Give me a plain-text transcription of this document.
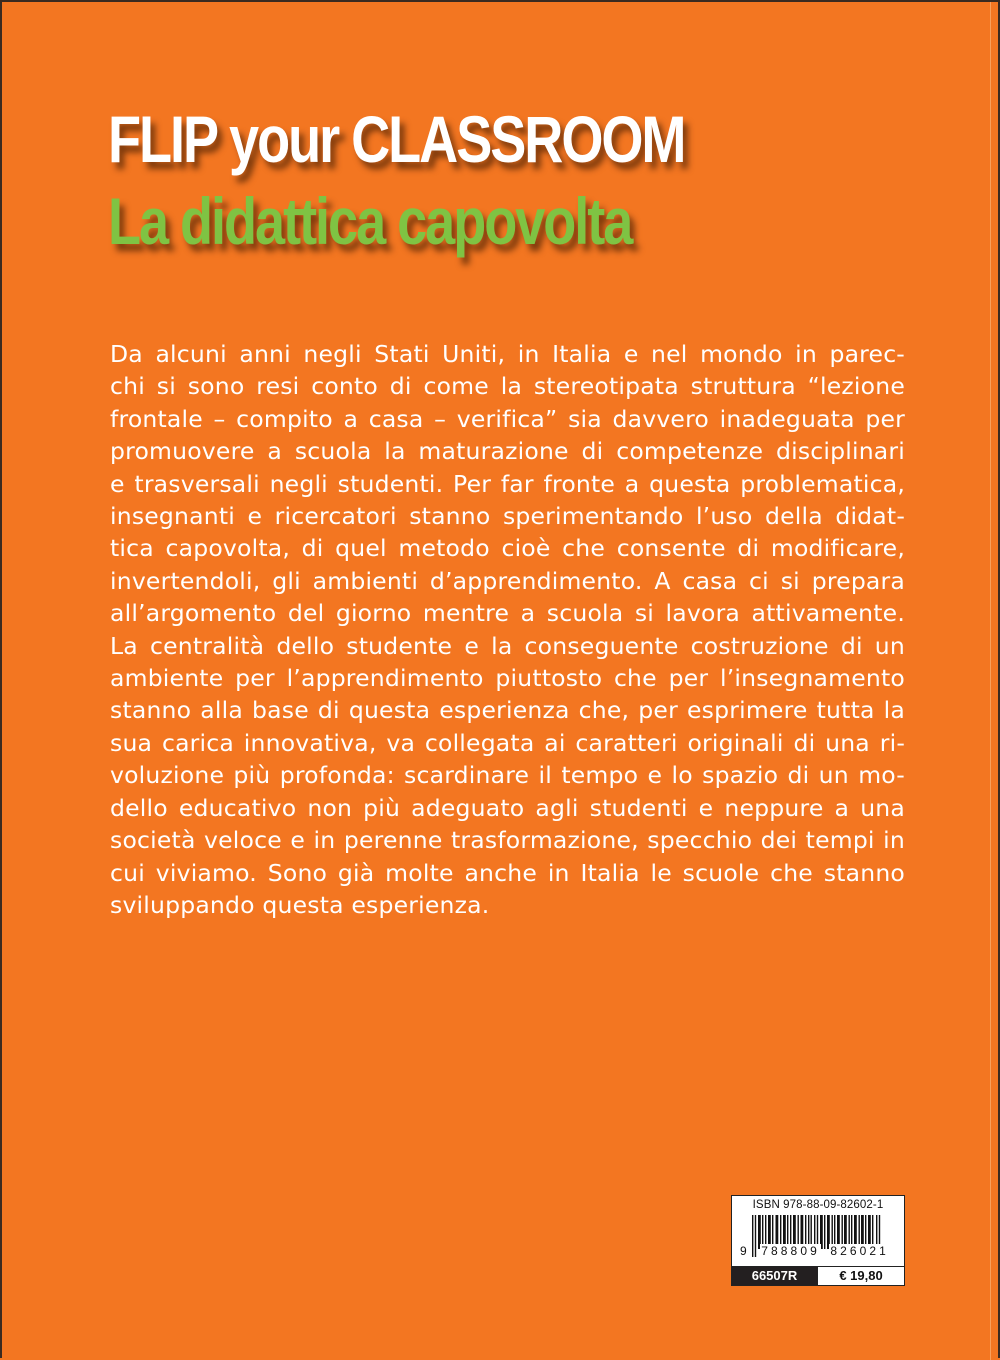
FLIP your CLASSROOM
La didattica capovolta
Da alcuni anni negli Stati Uniti, in Italia e nel mondo in parec-
chi si sono resi conto di come la stereotipata struttura “lezione
frontale – compito a casa – verifica” sia davvero inadeguata per
promuovere a scuola la maturazione di competenze disciplinari
e trasversali negli studenti. Per far fronte a questa problematica,
insegnanti e ricercatori stanno sperimentando l’uso della didat-
tica capovolta, di quel metodo cioè che consente di modificare,
invertendoli, gli ambienti d’apprendimento. A casa ci si prepara
all’argomento del giorno mentre a scuola si lavora attivamente.
La centralità dello studente e la conseguente costruzione di un
ambiente per l’apprendimento piuttosto che per l’insegnamento
stanno alla base di questa esperienza che, per esprimere tutta la
sua carica innovativa, va collegata ai caratteri originali di una ri-
voluzione più profonda: scardinare il tempo e lo spazio di un mo-
dello educativo non più adeguato agli studenti e neppure a una
società veloce e in perenne trasformazione, specchio dei tempi in
cui viviamo. Sono già molte anche in Italia le scuole che stanno
sviluppando questa esperienza.
ISBN 978-88-09-82602-1
9 788809 826021
66507R	€ 19,80
